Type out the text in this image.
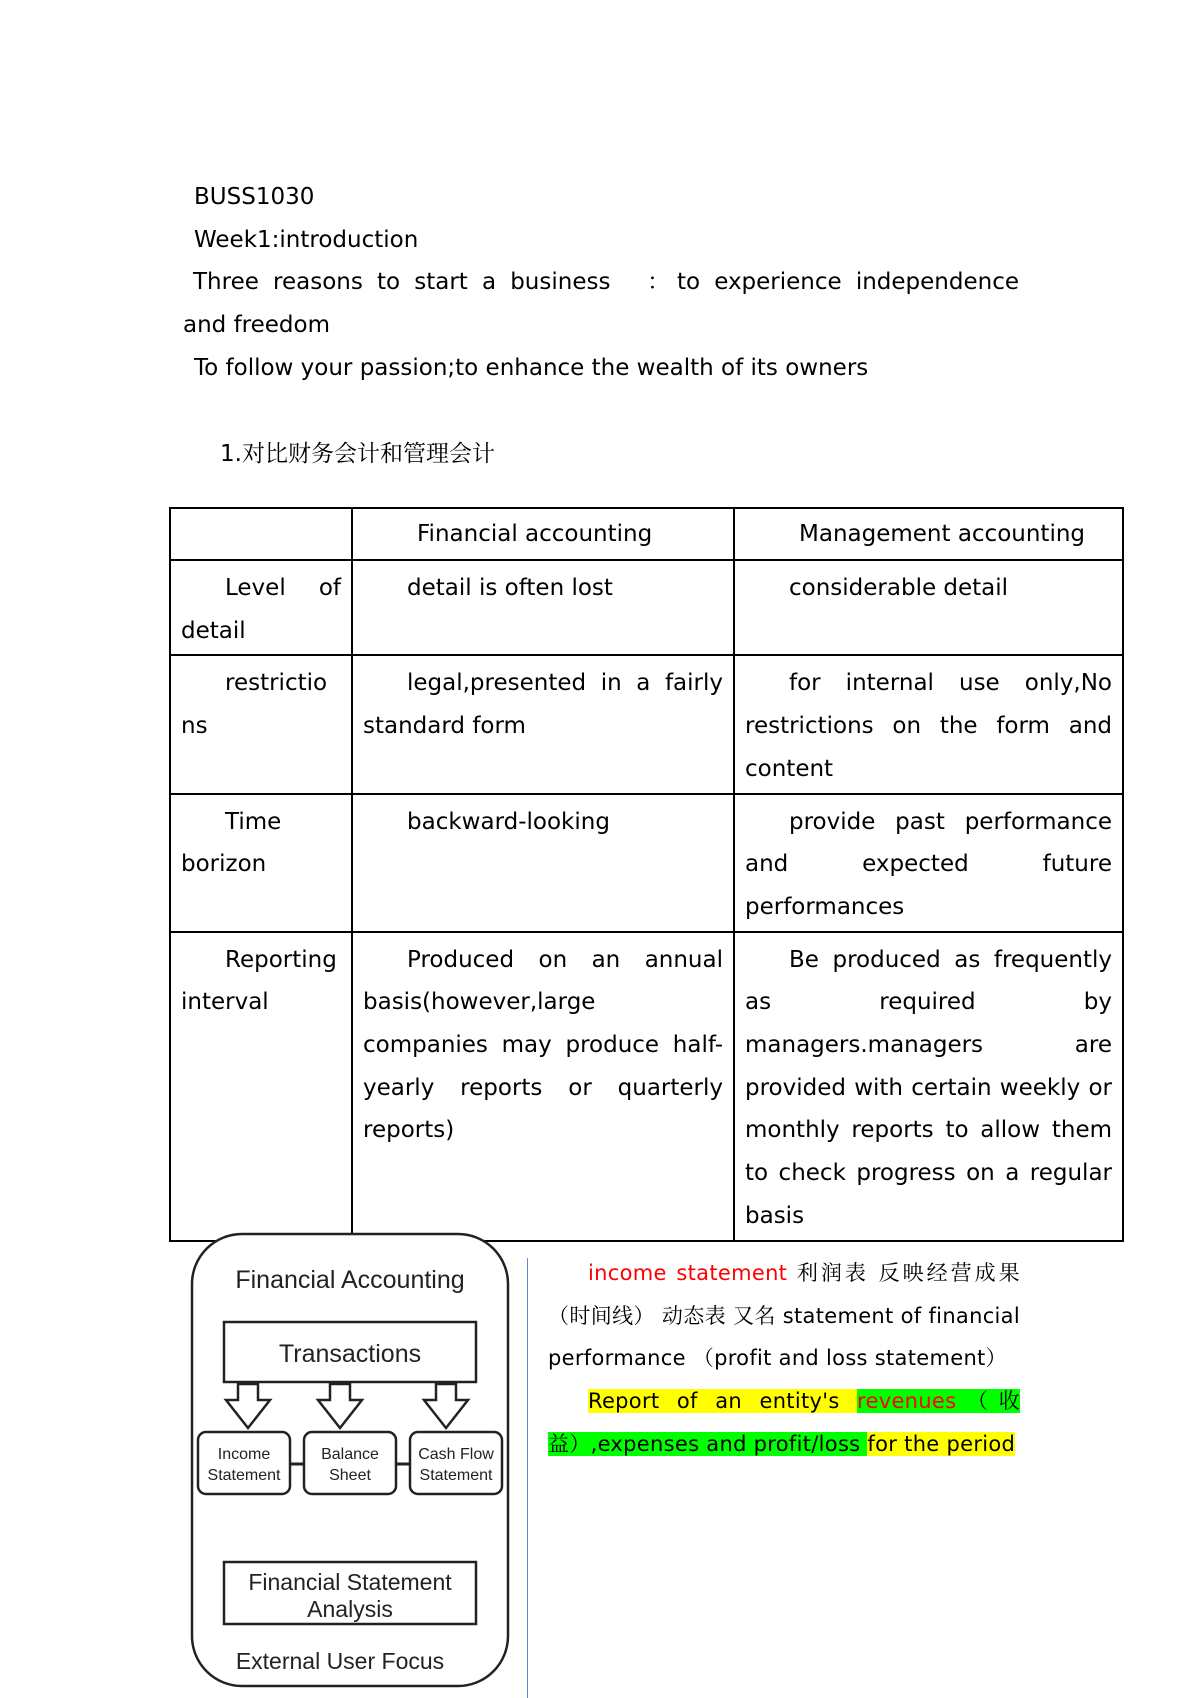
BUSS1030
Week1:introduction
Three reasons to start a business　：to experience independence
and freedom
To follow your passion;to enhance the wealth of its owners
1.对比财务会计和管理会计
	Financial accounting	Management accounting
Level of detail	detail is often lost	considerable detail
restrictions	legal,presented in a fairly standard form	for internal use only,No restrictions on the form and content
Time borizon	backward-looking	provide past performance and expected future performances
Reporting interval	Produced on an annual basis(however,large companies may produce half-yearly reports or quarterly reports)	Be produced as frequently as required by managers.managers are provided with certain weekly or monthly reports to allow them to check progress on a regular basis
Financial Accounting
Transactions
Income
Statement
Balance
Sheet
Cash Flow
Statement
Financial Statement
Analysis
External User Focus

income statement 利润表 反映经营成果（时间线） 动态表 又名 statement of financial performance （profit and loss statement）

Report of an entity's revenues（收益）,expenses and profit/loss for the period
